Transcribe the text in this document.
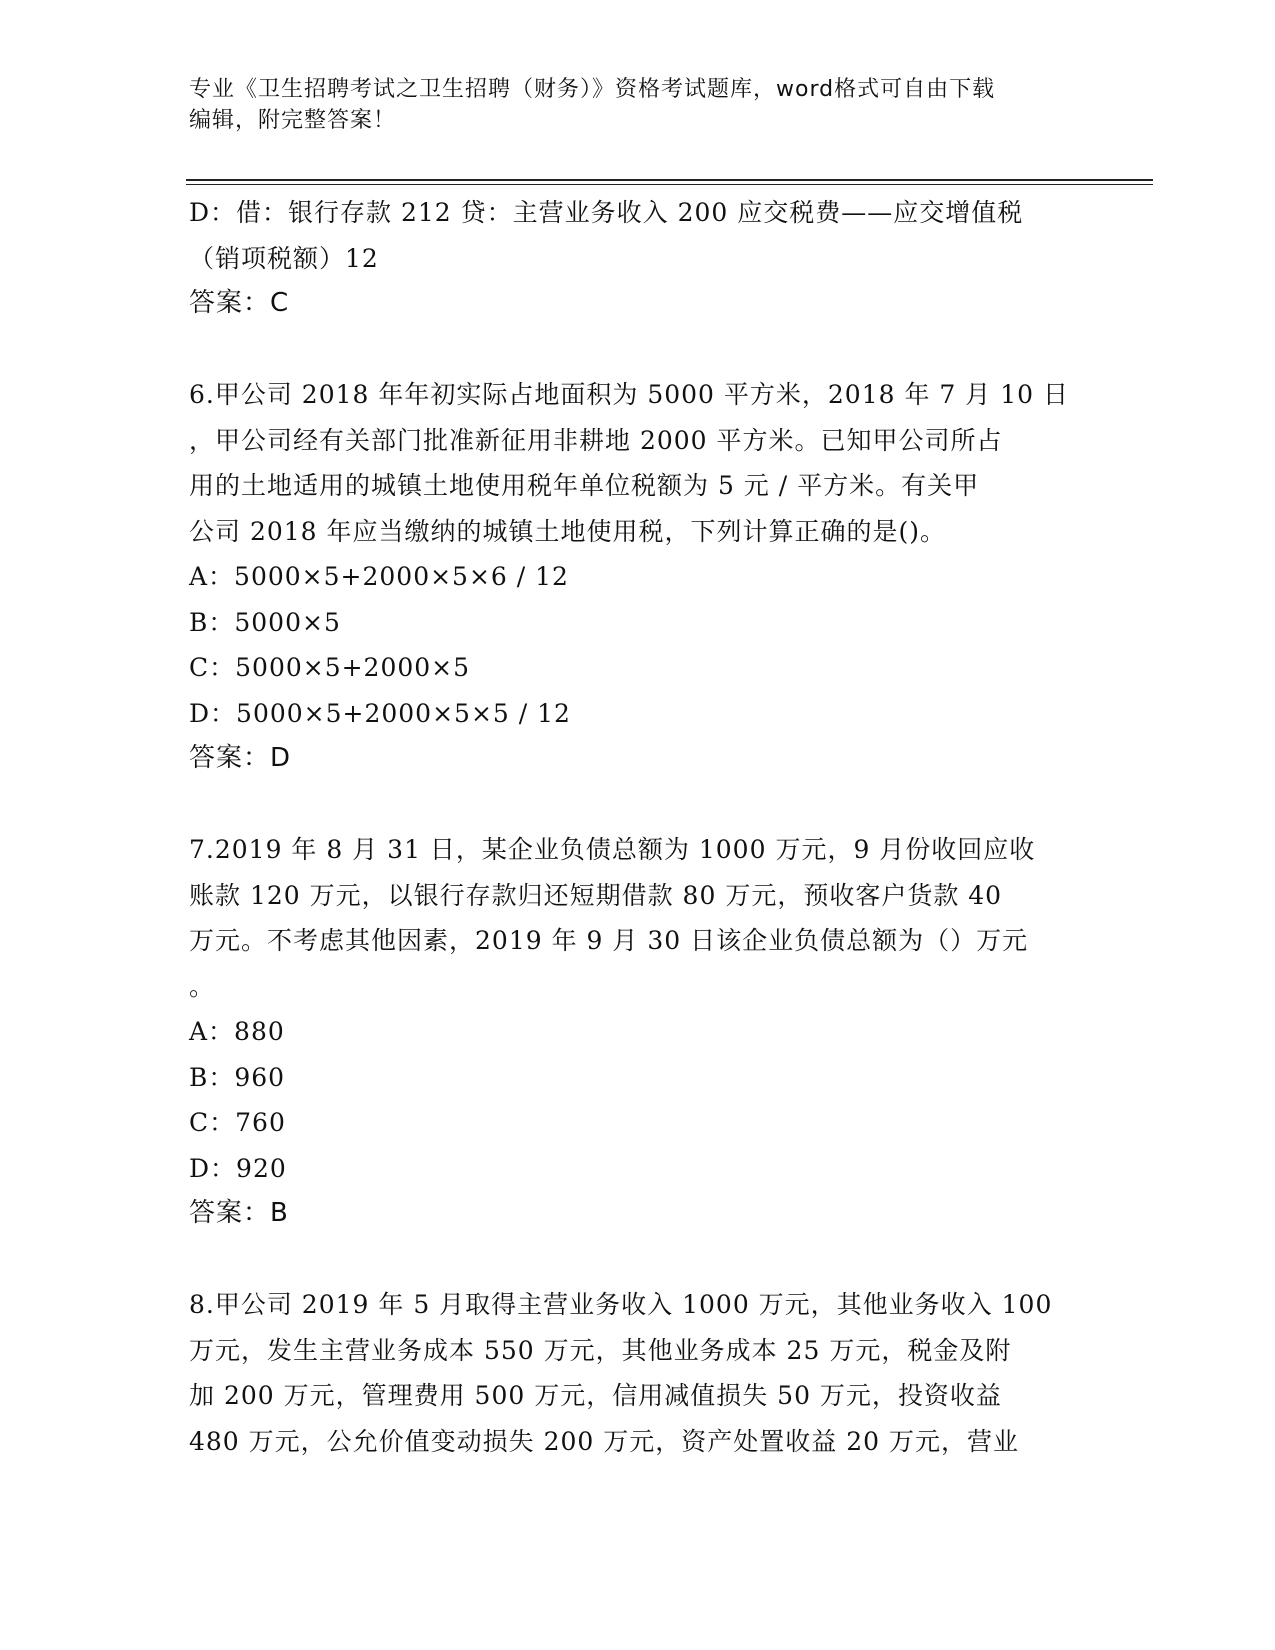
专业《卫生招聘考试之卫生招聘（财务）》资格考试题库，word格式可自由下载
编辑，附完整答案！
D：借：银行存款 212 贷：主营业务收入 200 应交税费——应交增值税
（销项税额）12
答案：C
6.甲公司 2018 年年初实际占地面积为 5000 平方米，2018 年 7 月 10 日
，甲公司经有关部门批准新征用非耕地 2000 平方米。已知甲公司所占
用的土地适用的城镇土地使用税年单位税额为 5 元 / 平方米。有关甲
公司 2018 年应当缴纳的城镇土地使用税，下列计算正确的是()。
A：5000×5+2000×5×6 / 12
B：5000×5
C：5000×5+2000×5
D：5000×5+2000×5×5 / 12
答案：D
7.2019 年 8 月 31 日，某企业负债总额为 1000 万元，9 月份收回应收
账款 120 万元，以银行存款归还短期借款 80 万元，预收客户货款 40
万元。不考虑其他因素，2019 年 9 月 30 日该企业负债总额为（）万元
。
A：880
B：960
C：760
D：920
答案：B
8.甲公司 2019 年 5 月取得主营业务收入 1000 万元，其他业务收入 100
万元，发生主营业务成本 550 万元，其他业务成本 25 万元，税金及附
加 200 万元，管理费用 500 万元，信用减值损失 50 万元，投资收益
480 万元，公允价值变动损失 200 万元，资产处置收益 20 万元，营业
